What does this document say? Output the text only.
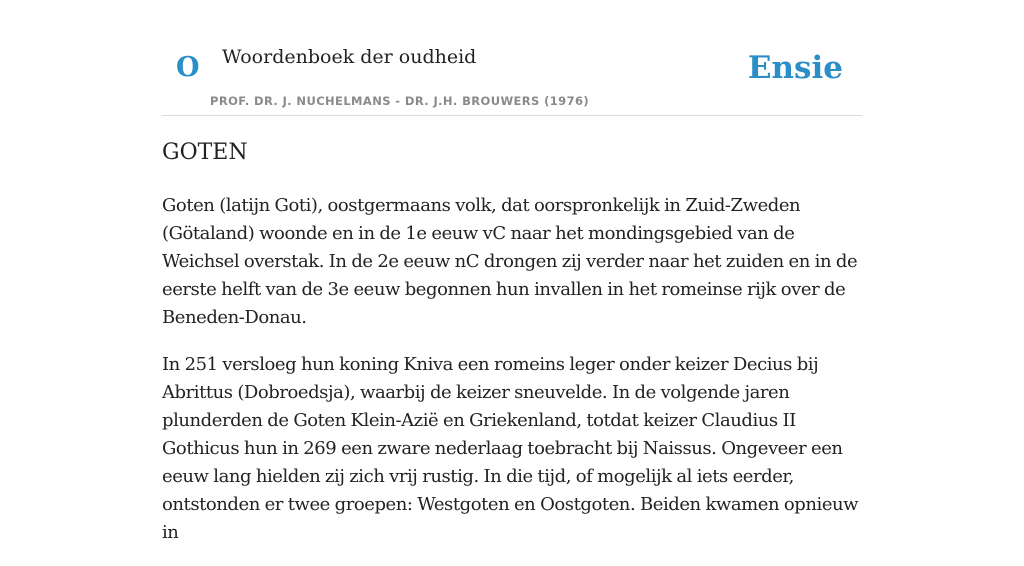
O Woordenboek der oudheid
PROF. DR. J. NUCHELMANS - DR. J.H. BROUWERS (1976)
Ensie
GOTEN

Goten (latijn Goti), oostgermaans volk, dat oorspronkelijk in Zuid-Zweden (Götaland) woonde en in de 1e eeuw vC naar het mondingsgebied van de Weichsel overstak. In de 2e eeuw nC drongen zij verder naar het zuiden en in de eerste helft van de 3e eeuw begonnen hun invallen in het romeinse rijk over de Beneden-Donau.

In 251 versloeg hun koning Kniva een romeins leger onder keizer Decius bij Abrittus (Dobroedsja), waarbij de keizer sneuvelde. In de volgende jaren plunderden de Goten Klein-Azië en Griekenland, totdat keizer Claudius II Gothicus hun in 269 een zware nederlaag toebracht bij Naissus. Ongeveer een eeuw lang hielden zij zich vrij rustig. In die tijd, of mogelijk al iets eerder, ontstonden er twee groepen: Westgoten en Oostgoten. Beiden kwamen opnieuw in
